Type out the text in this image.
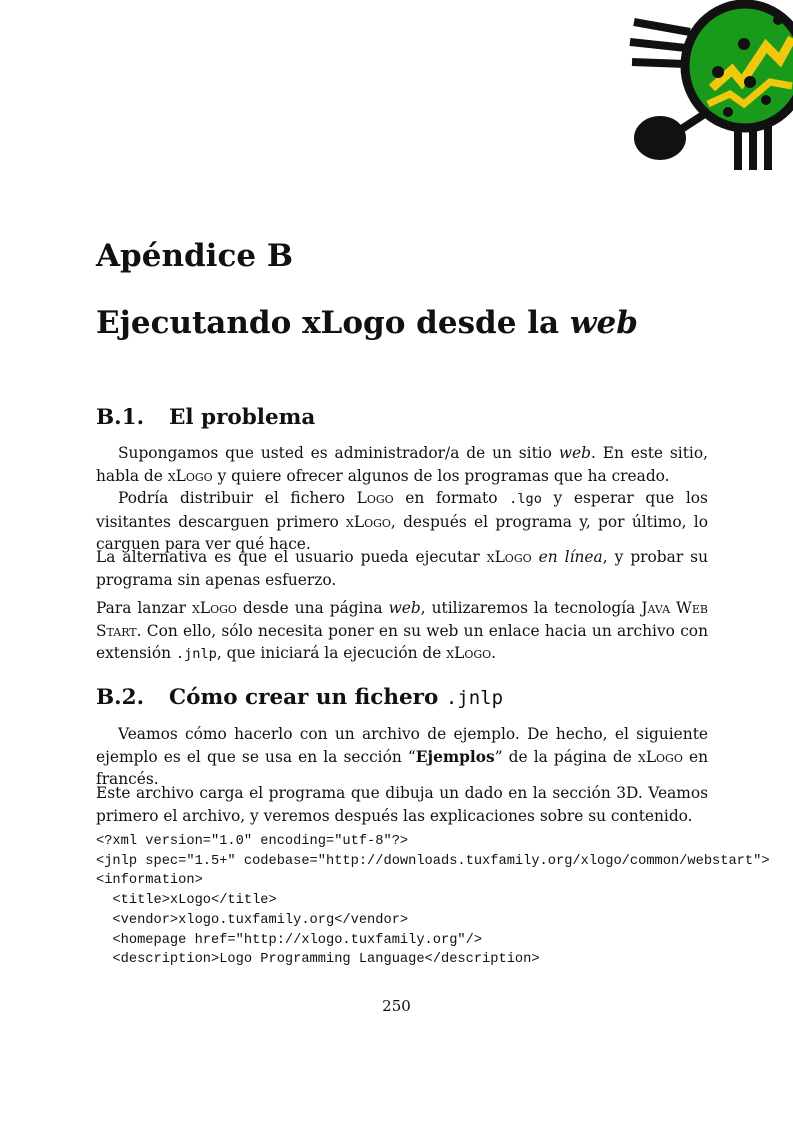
Apéndice B
Ejecutando xLogo desde la web
B.1. El problema

Supongamos que usted es administrador/a de un sitio web. En este sitio, habla de xLogo y quiere ofrecer algunos de los programas que ha creado.

Podría distribuir el fichero Logo en formato .lgo y esperar que los visitantes descarguen primero xLogo, después el programa y, por último, lo carguen para ver qué hace.

La alternativa es que el usuario pueda ejecutar xLogo en línea, y probar su programa sin apenas esfuerzo.

Para lanzar xLogo desde una página web, utilizaremos la tecnología Java Web Start. Con ello, sólo necesita poner en su web un enlace hacia un archivo con extensión .jnlp, que iniciará la ejecución de xLogo.

B.2. Cómo crear un fichero .jnlp

Veamos cómo hacerlo con un archivo de ejemplo. De hecho, el siguiente ejemplo es el que se usa en la sección “Ejemplos” de la página de xLogo en francés.

Este archivo carga el programa que dibuja un dado en la sección 3D. Veamos primero el archivo, y veremos después las explicaciones sobre su contenido.

<?xml version="1.0" encoding="utf-8"?>
<jnlp spec="1.5+" codebase="http://downloads.tuxfamily.org/xlogo/common/webstart">
<information>
<title>xLogo</title>
<vendor>xlogo.tuxfamily.org</vendor>
<homepage href="http://xlogo.tuxfamily.org"/>
<description>Logo Programming Language</description>

250
